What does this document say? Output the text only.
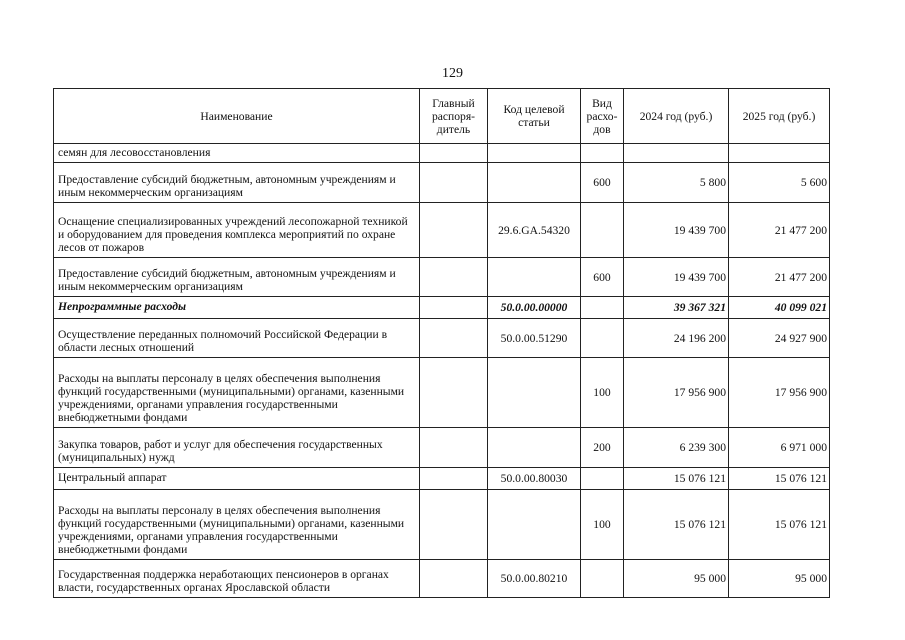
129
Наименование	Главный распоря-дитель	Код целевой статьи	Вид расхо-дов	2024 год (руб.)	2025 год (руб.)
семян для лесовосстановления					
Предоставление субсидий бюджетным, автономным учреждениям и иным некоммерческим организациям			600	5 800	5 600
Оснащение специализированных учреждений лесопожарной техникой и оборудованием для проведения комплекса мероприятий по охране лесов от пожаров		29.6.GA.54320		19 439 700	21 477 200
Предоставление субсидий бюджетным, автономным учреждениям и иным некоммерческим организациям			600	19 439 700	21 477 200
Непрограммные расходы		50.0.00.00000		39 367 321	40 099 021
Осуществление переданных полномочий Российской Федерации в области лесных отношений		50.0.00.51290		24 196 200	24 927 900
Расходы на выплаты персоналу в целях обеспечения выполнения функций государственными (муниципальными) органами, казенными учреждениями, органами управления государственными внебюджетными фондами			100	17 956 900	17 956 900
Закупка товаров, работ и услуг для обеспечения государственных (муниципальных) нужд			200	6 239 300	6 971 000
Центральный аппарат		50.0.00.80030		15 076 121	15 076 121
Расходы на выплаты персоналу в целях обеспечения выполнения функций государственными (муниципальными) органами, казенными учреждениями, органами управления государственными внебюджетными фондами			100	15 076 121	15 076 121
Государственная поддержка неработающих пенсионеров в органах власти, государственных органах Ярославской области		50.0.00.80210		95 000	95 000
